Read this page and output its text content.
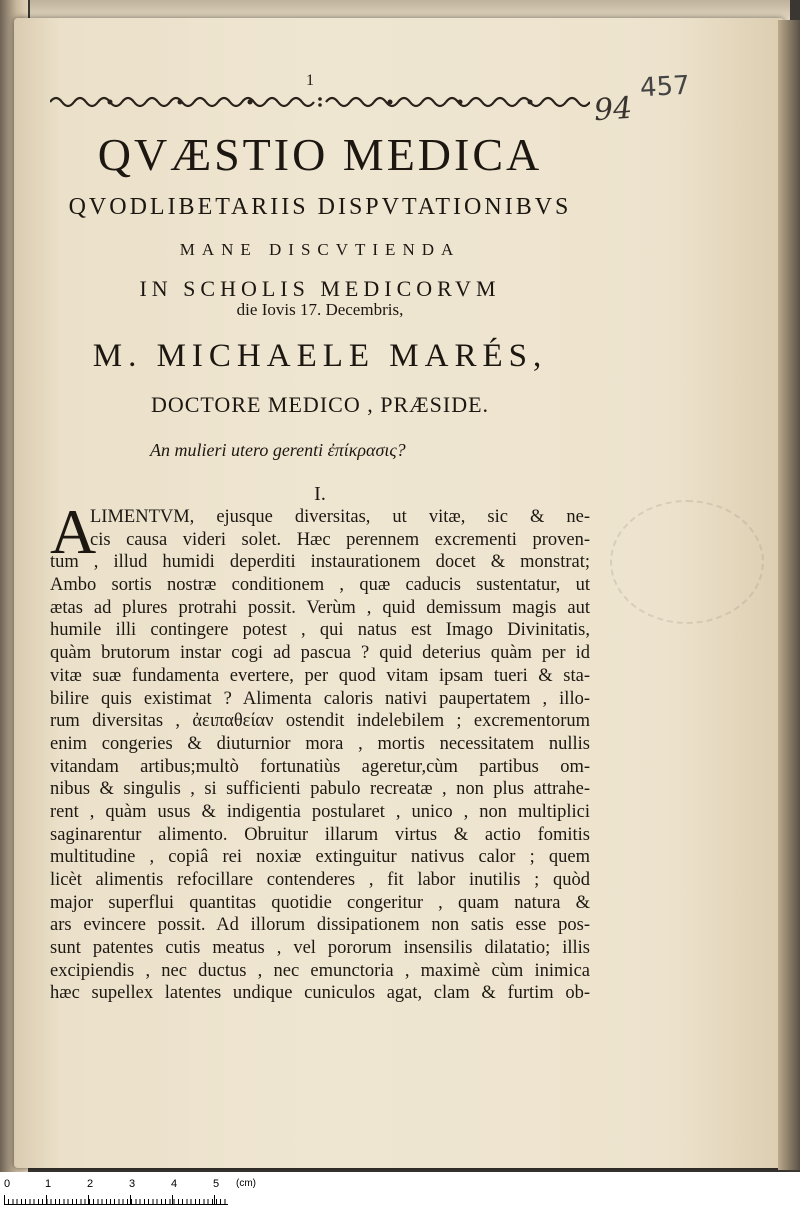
1	457
94
QVÆSTIO MEDICA
QVODLIBETARIIS DISPVTATIONIBVS
MANE DISCVTIENDA
IN SCHOLIS MEDICORVM
die Iovis 17. Decembris,
M. MICHAELE MARÉS,
DOCTORE MEDICO , PRÆSIDE.
An mulieri utero gerenti ἐπίκρασις?
I.
A
LIMENTVM, ejusque diversitas, ut vitæ, sic & ne-
cis causa videri solet. Hæc perennem excrementi proven-
tum , illud humidi deperditi instaurationem docet & monstrat;
Ambo sortis nostræ conditionem , quæ caducis sustentatur, ut
ætas ad plures protrahi possit. Verùm , quid demissum magis aut
humile illi contingere potest , qui natus est Imago Divinitatis,
quàm brutorum instar cogi ad pascua ? quid deterius quàm per id
vitæ suæ fundamenta evertere, per quod vitam ipsam tueri & sta-
bilire quis existimat ? Alimenta caloris nativi paupertatem , illo-
rum diversitas , ἀειπαθείαν ostendit indelebilem ; excrementorum
enim congeries & diuturnior mora , mortis necessitatem nullis
vitandam artibus;multò fortunatiùs ageretur,cùm partibus om-
nibus & singulis , si sufficienti pabulo recreatæ , non plus attrahe-
rent , quàm usus & indigentia postularet , unico , non multiplici
saginarentur alimento. Obruitur illarum virtus & actio fomitis
multitudine , copiâ rei noxiæ extinguitur nativus calor ; quem
licèt alimentis refocillare contenderes , fit labor inutilis ; quòd
major superflui quantitas quotidie congeritur , quam natura &
ars evincere possit. Ad illorum dissipationem non satis esse pos-
sunt patentes cutis meatus , vel pororum insensilis dilatatio; illis
excipiendis , nec ductus , nec emunctoria , maximè cùm inimica
hæc supellex latentes undique cuniculos agat, clam & furtim ob-
0	1	2	3	4	5 (cm)
